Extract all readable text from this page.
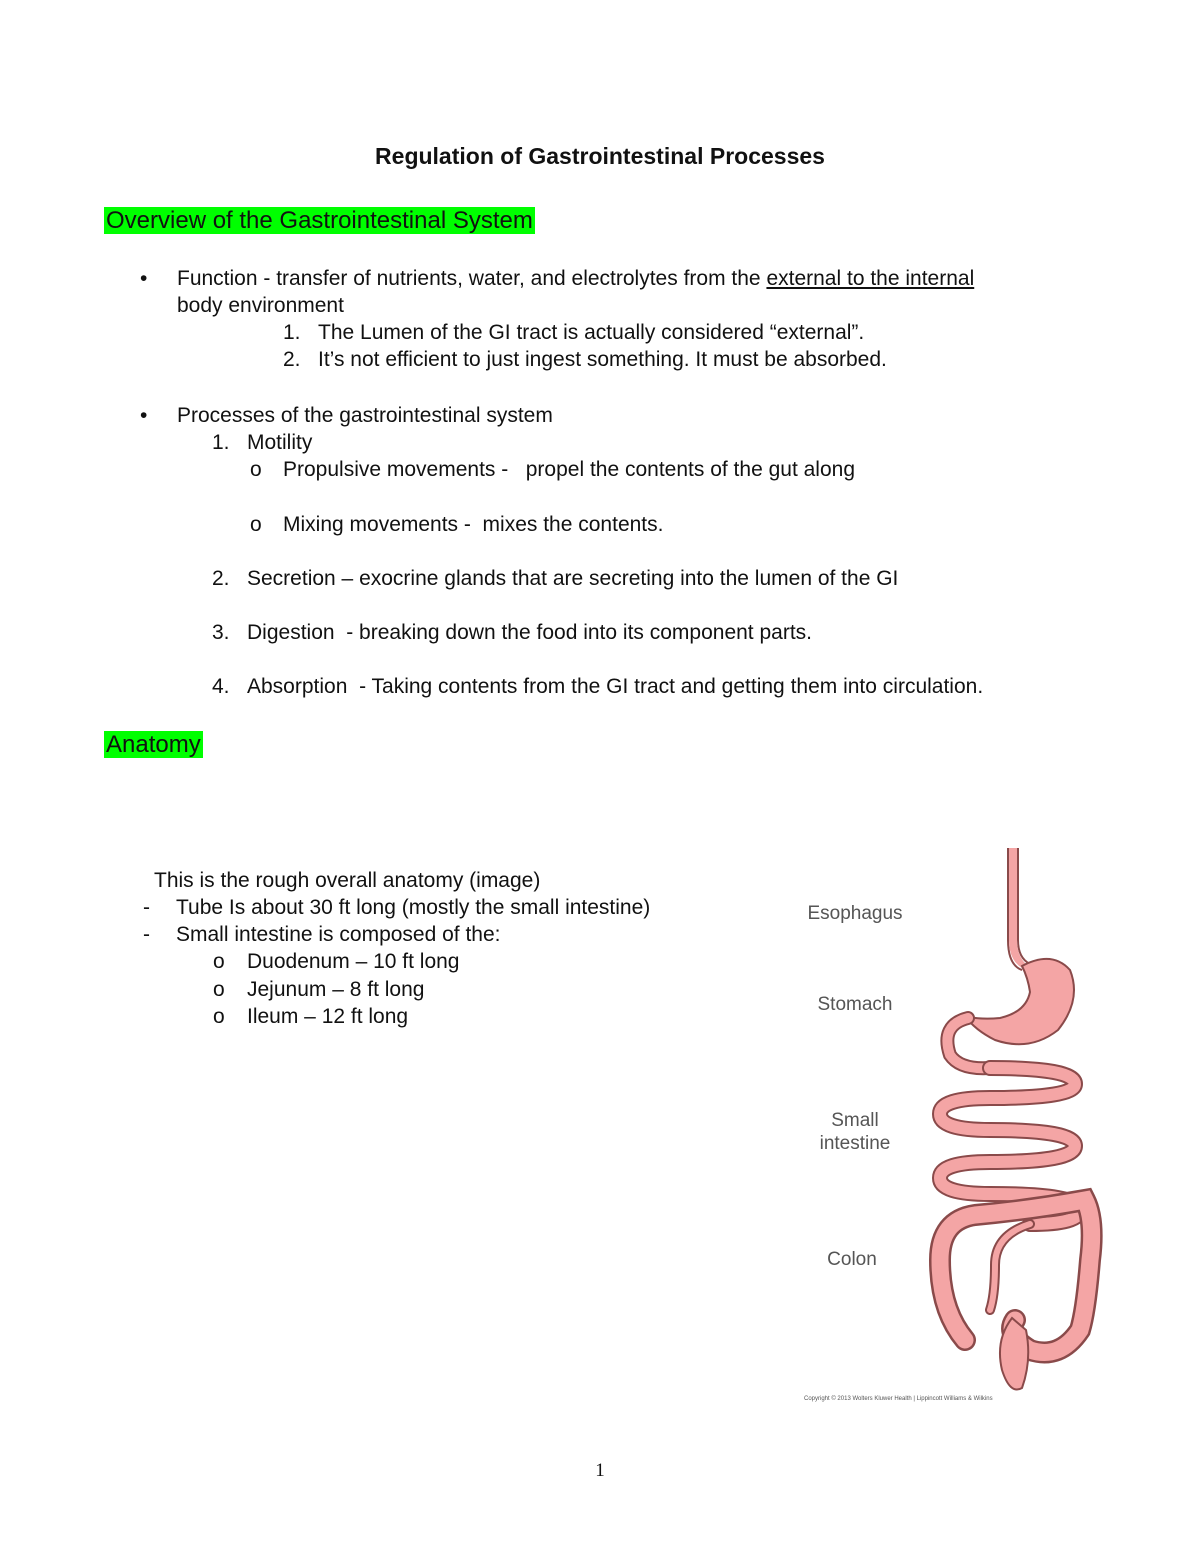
Regulation of Gastrointestinal Processes
Overview of the Gastrointestinal System
• Function - transfer of nutrients, water, and electrolytes from the external to the internal
body environment
1. The Lumen of the GI tract is actually considered “external”.
2. It’s not efficient to just ingest something. It must be absorbed.
• Processes of the gastrointestinal system
1. Motility
o Propulsive movements -   propel the contents of the gut along
o Mixing movements -  mixes the contents.
2. Secretion – exocrine glands that are secreting into the lumen of the GI
3. Digestion  - breaking down the food into its component parts.
4. Absorption  - Taking contents from the GI tract and getting them into circulation.
Anatomy
This is the rough overall anatomy (image)
- Tube Is about 30 ft long (mostly the small intestine)
- Small intestine is composed of the:
o Duodenum – 10 ft long
o Jejunum – 8 ft long
o Ileum – 12 ft long
Esophagus
Stomach
Small
intestine
Colon
Copyright © 2013 Wolters Kluwer Health | Lippincott Williams & Wilkins
1
